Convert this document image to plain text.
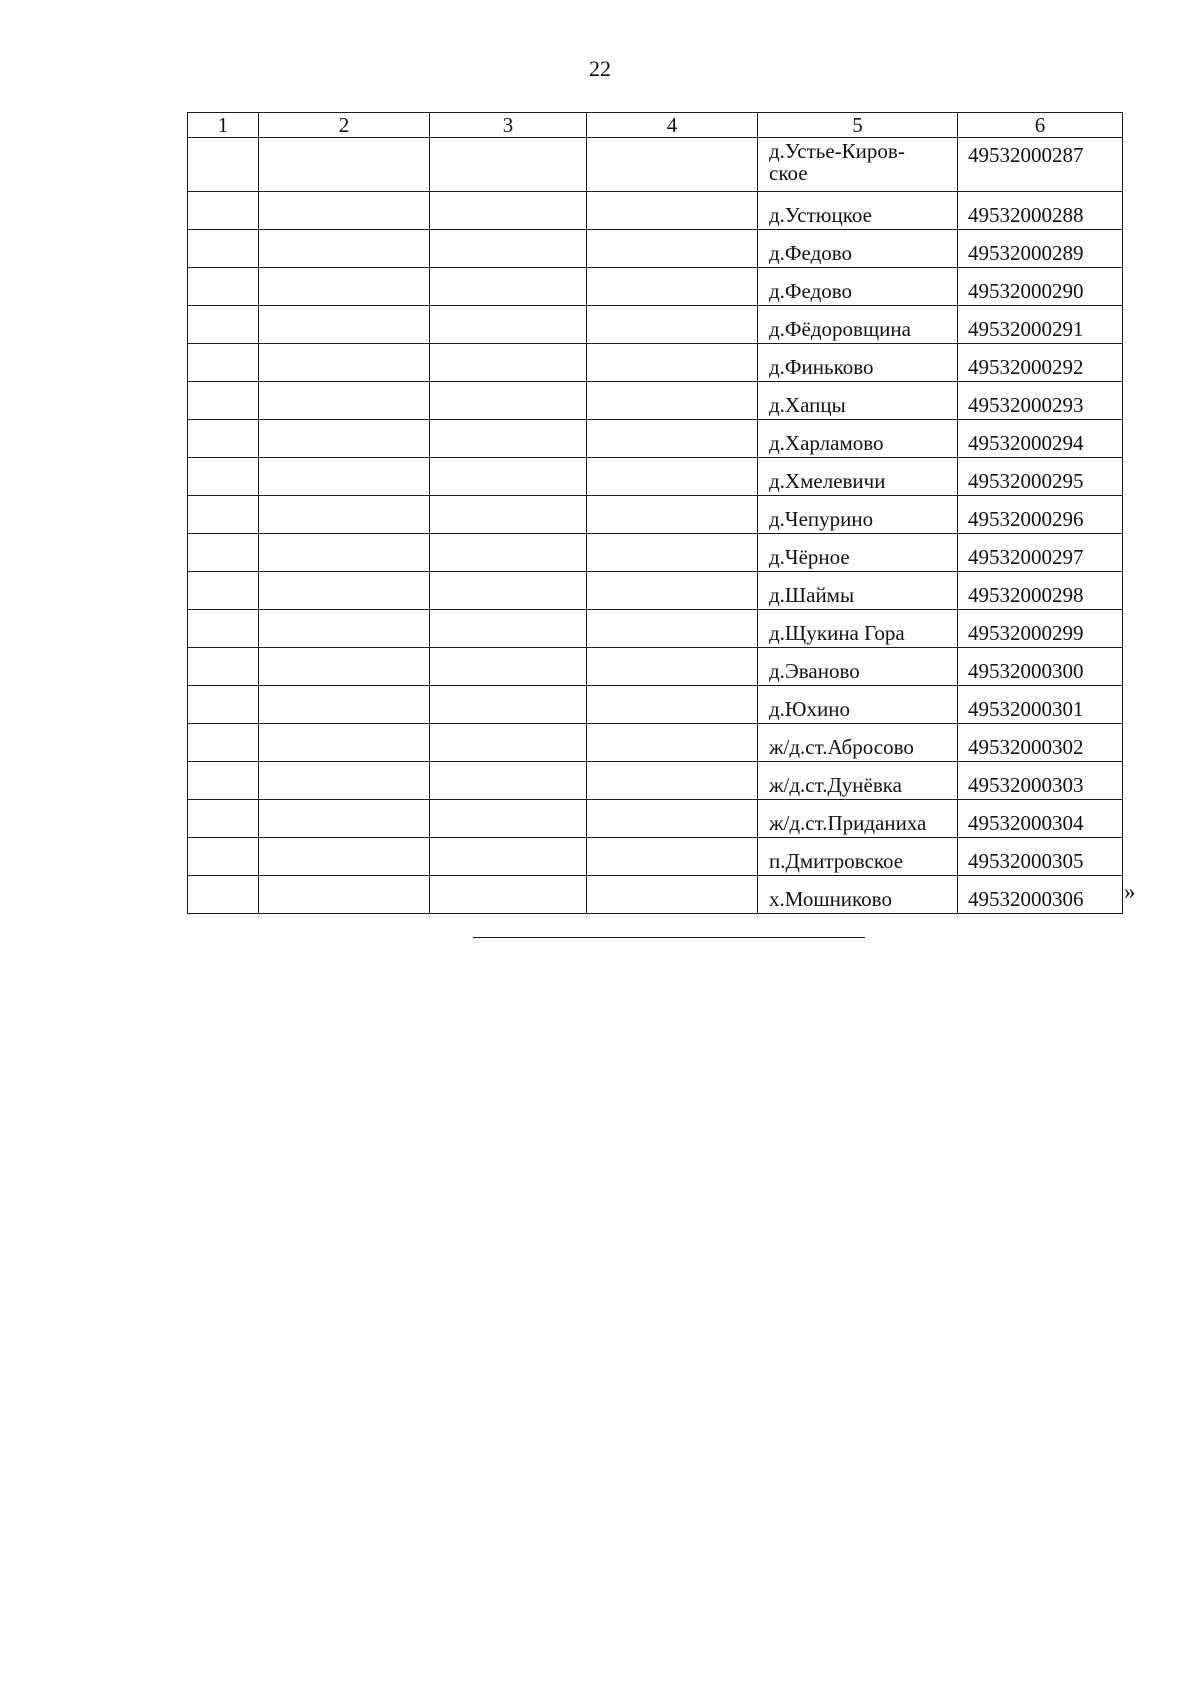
22
1	2	3	4	5	6
				д.Устье-Киров-
ское	49532000287
				д.Устюцкое	49532000288
				д.Федово	49532000289
				д.Федово	49532000290
				д.Фёдоровщина	49532000291
				д.Финьково	49532000292
				д.Хапцы	49532000293
				д.Харламово	49532000294
				д.Хмелевичи	49532000295
				д.Чепурино	49532000296
				д.Чёрное	49532000297
				д.Шаймы	49532000298
				д.Щукина Гора	49532000299
				д.Эваново	49532000300
				д.Юхино	49532000301
				ж/д.ст.Абросово	49532000302
				ж/д.ст.Дунёвка	49532000303
				ж/д.ст.Приданиха	49532000304
				п.Дмитровское	49532000305
				х.Мошниково	49532000306 »
